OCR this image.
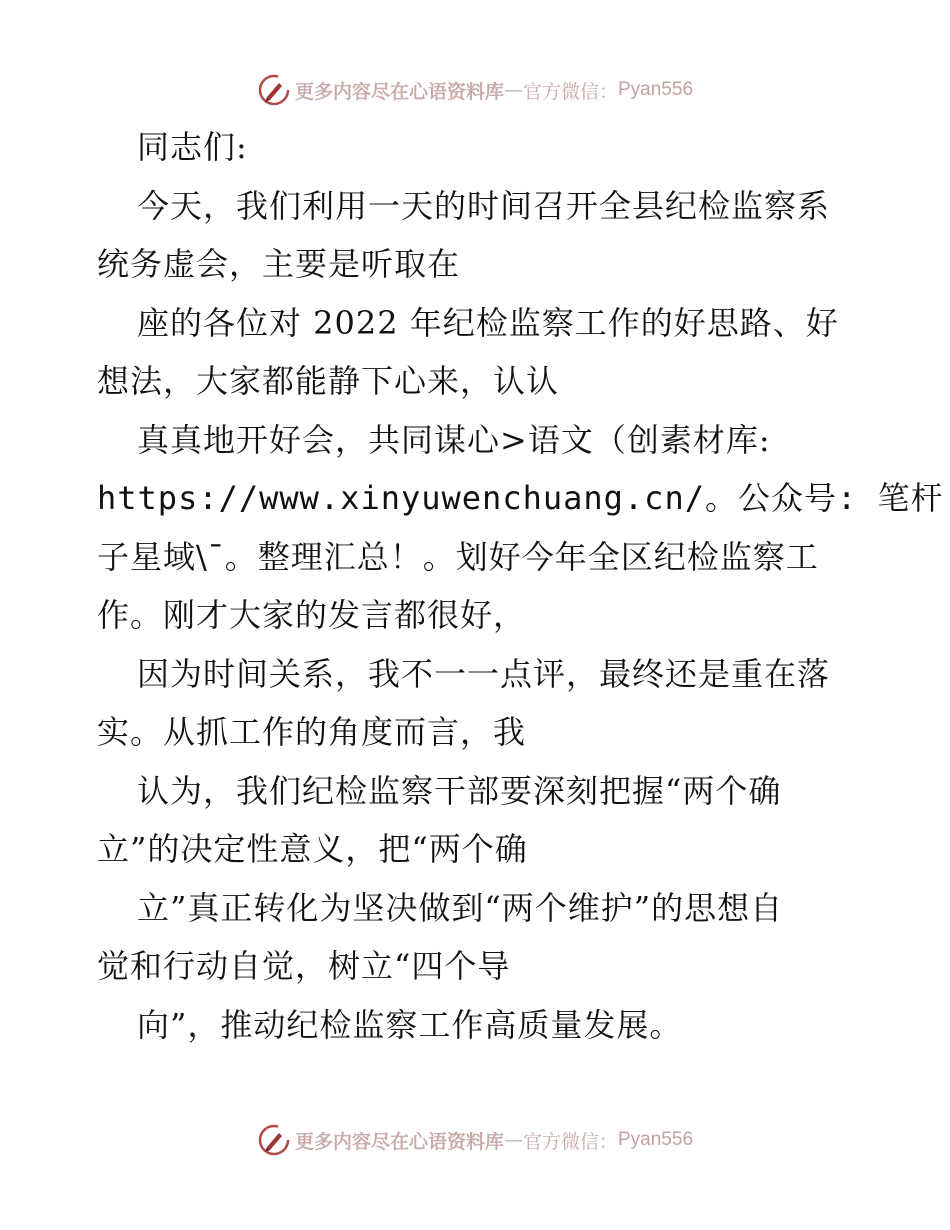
更多内容尽在心语资料库 — 官方微信： Pyan556
同志们:
今天，我们利用一天的时间召开全县纪检监察系
统务虚会，主要是听取在
座的各位对 2022 年纪检监察工作的好思路、好
想法，大家都能静下心来，认认
真真地开好会，共同谋心>语文（创素材库:
https://www.xinyuwenchuang.cn/。公众号: 笔杆
子星域\¯。整理汇总！。划好今年全区纪检监察工
作。刚才大家的发言都很好，
因为时间关系，我不一一点评，最终还是重在落
实。从抓工作的角度而言，我
认为，我们纪检监察干部要深刻把握“两个确
立”的决定性意义，把“两个确
立”真正转化为坚决做到“两个维护”的思想自
觉和行动自觉，树立“四个导
向”，推动纪检监察工作高质量发展。
更多内容尽在心语资料库 — 官方微信： Pyan556
